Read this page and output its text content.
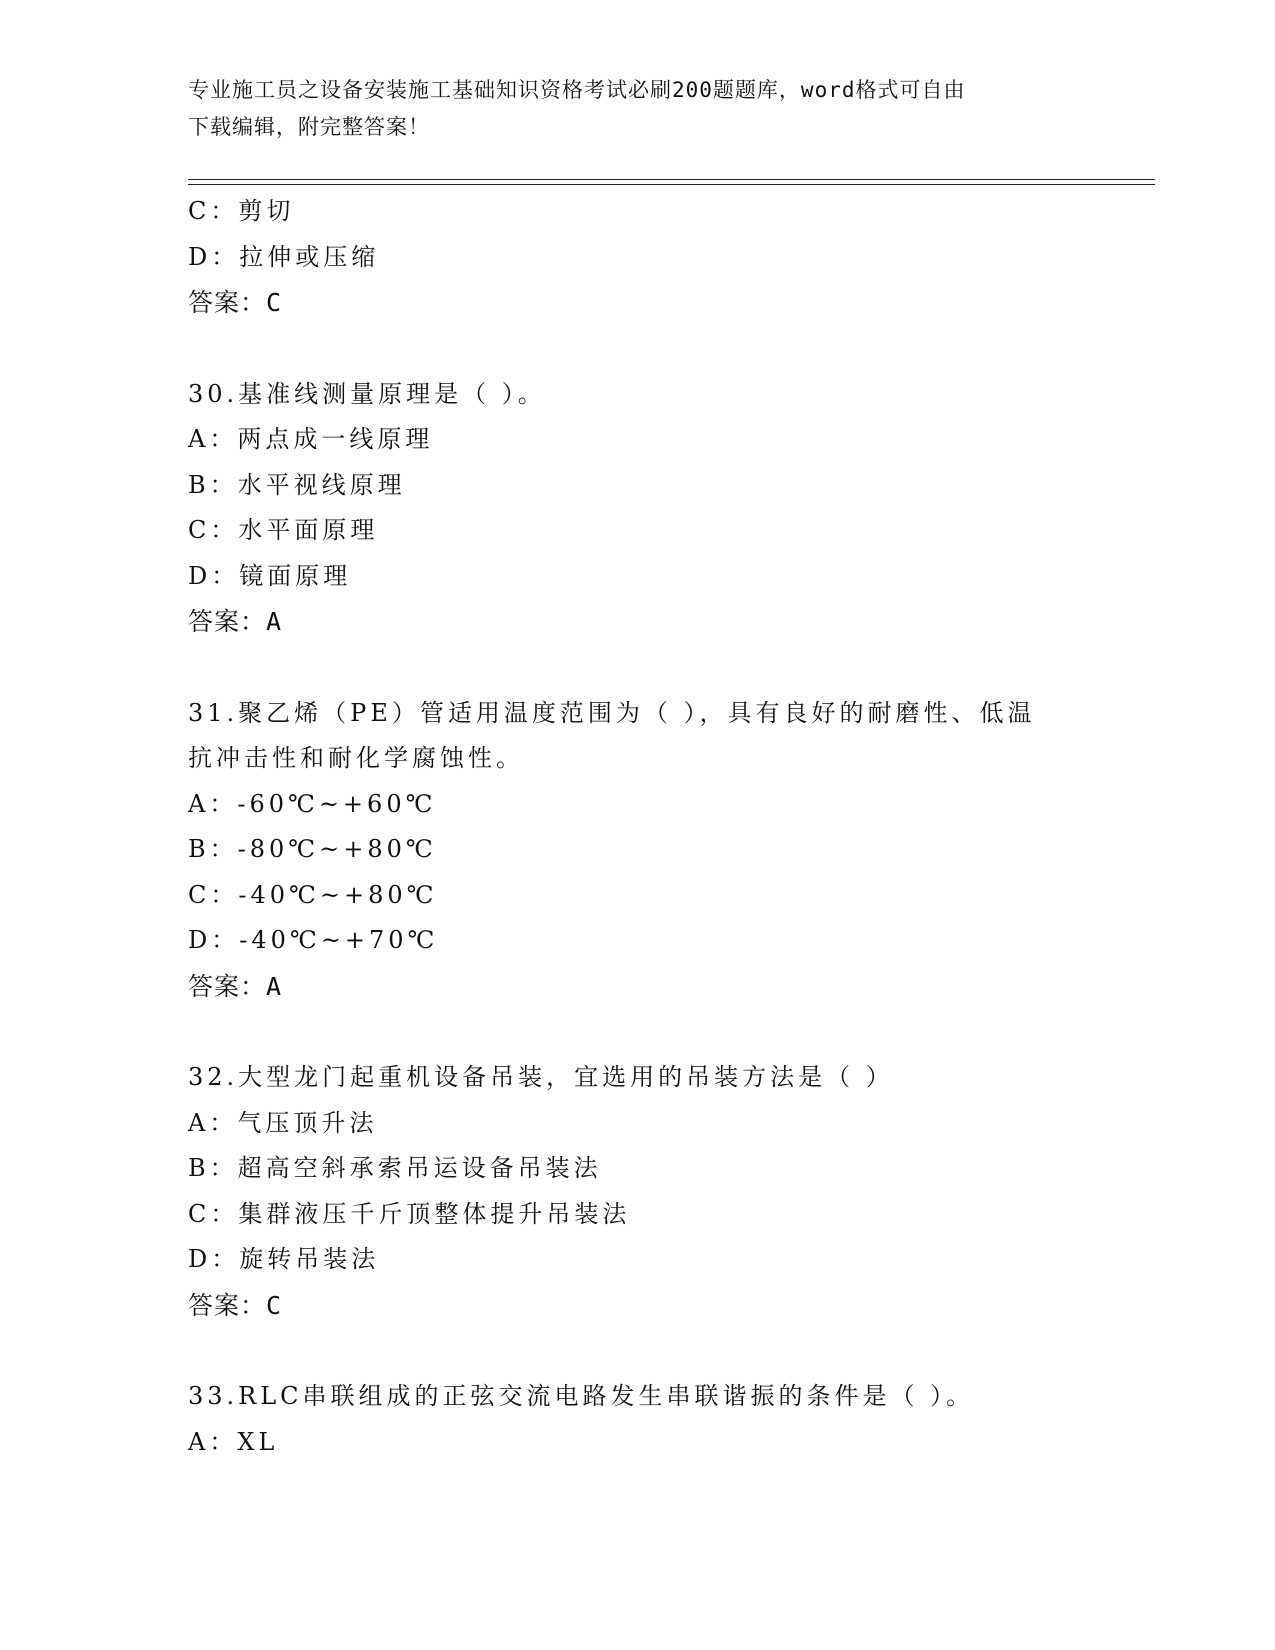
专业施工员之设备安装施工基础知识资格考试必刷200题题库，word格式可自由
下载编辑，附完整答案！
C：剪切
D：拉伸或压缩
答案：C
30.基准线测量原理是（ ）。
A：两点成一线原理
B：水平视线原理
C：水平面原理
D：镜面原理
答案：A
31.聚乙烯（PE）管适用温度范围为（ ），具有良好的耐磨性、低温
抗冲击性和耐化学腐蚀性。
A：-60℃~+60℃
B：-80℃~+80℃
C：-40℃~+80℃
D：-40℃~+70℃
答案：A
32.大型龙门起重机设备吊装，宜选用的吊装方法是（ ）
A：气压顶升法
B：超高空斜承索吊运设备吊装法
C：集群液压千斤顶整体提升吊装法
D：旋转吊装法
答案：C
33.RLC串联组成的正弦交流电路发生串联谐振的条件是（ ）。
A：XL
